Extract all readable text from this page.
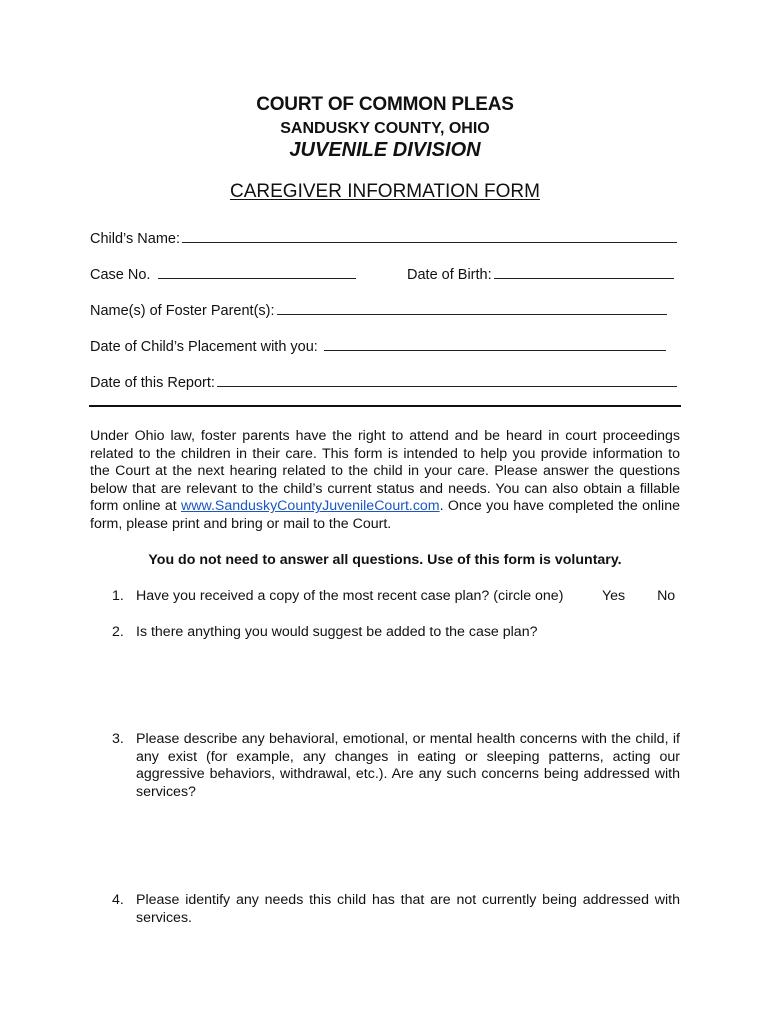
COURT OF COMMON PLEAS
SANDUSKY COUNTY, OHIO
JUVENILE DIVISION
CAREGIVER INFORMATION FORM
Child’s Name:
Case No.	Date of Birth:
Name(s) of Foster Parent(s):
Date of Child’s Placement with you:
Date of this Report:
Under Ohio law, foster parents have the right to attend and be heard in court proceedings related to the children in their care. This form is intended to help you provide information to the Court at the next hearing related to the child in your care. Please answer the questions below that are relevant to the child’s current status and needs. You can also obtain a fillable form online at www.SanduskyCountyJuvenileCourt.com. Once you have completed the online form, please print and bring or mail to the Court.
You do not need to answer all questions. Use of this form is voluntary.
1. Have you received a copy of the most recent case plan? (circle one)	Yes No
2. Is there anything you would suggest be added to the case plan?
3. Please describe any behavioral, emotional, or mental health concerns with the child, if any exist (for example, any changes in eating or sleeping patterns, acting our aggressive behaviors, withdrawal, etc.). Are any such concerns being addressed with services?
4. Please identify any needs this child has that are not currently being addressed with services.
